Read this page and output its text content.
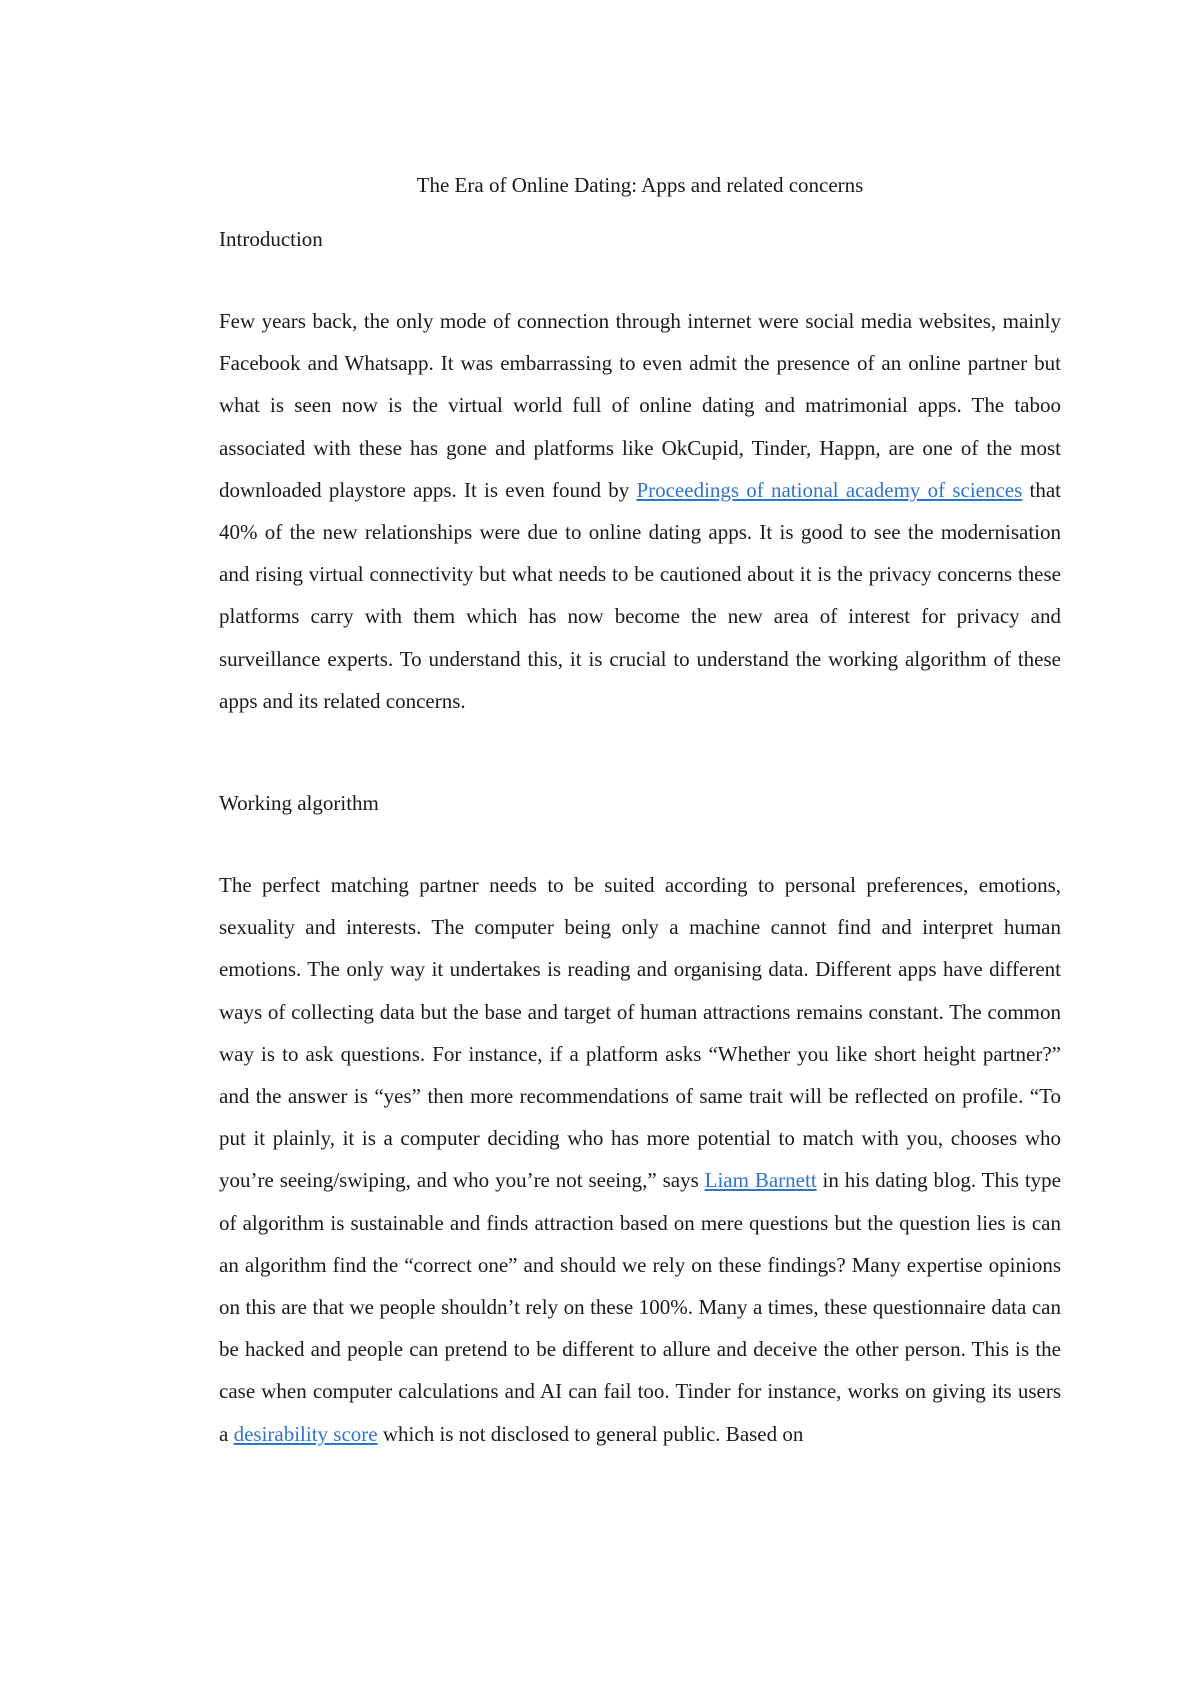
The Era of Online Dating: Apps and related concerns
Introduction

Few years back, the only mode of connection through internet were social media websites, mainly Facebook and Whatsapp. It was embarrassing to even admit the presence of an online partner but what is seen now is the virtual world full of online dating and matrimonial apps. The taboo associated with these has gone and platforms like OkCupid, Tinder, Happn, are one of the most downloaded playstore apps. It is even found by Proceedings of national academy of sciences that 40% of the new relationships were due to online dating apps. It is good to see the modernisation and rising virtual connectivity but what needs to be cautioned about it is the privacy concerns these platforms carry with them which has now become the new area of interest for privacy and surveillance experts. To understand this, it is crucial to understand the working algorithm of these apps and its related concerns.

Working algorithm

The perfect matching partner needs to be suited according to personal preferences, emotions, sexuality and interests. The computer being only a machine cannot find and interpret human emotions. The only way it undertakes is reading and organising data. Different apps have different ways of collecting data but the base and target of human attractions remains constant. The common way is to ask questions. For instance, if a platform asks “Whether you like short height partner?” and the answer is “yes” then more recommendations of same trait will be reflected on profile. “To put it plainly, it is a computer deciding who has more potential to match with you, chooses who you’re seeing/swiping, and who you’re not seeing,” says Liam Barnett in his dating blog. This type of algorithm is sustainable and finds attraction based on mere questions but the question lies is can an algorithm find the “correct one” and should we rely on these findings? Many expertise opinions on this are that we people shouldn’t rely on these 100%. Many a times, these questionnaire data can be hacked and people can pretend to be different to allure and deceive the other person. This is the case when computer calculations and AI can fail too. Tinder for instance, works on giving its users a desirability score which is not disclosed to general public. Based on
